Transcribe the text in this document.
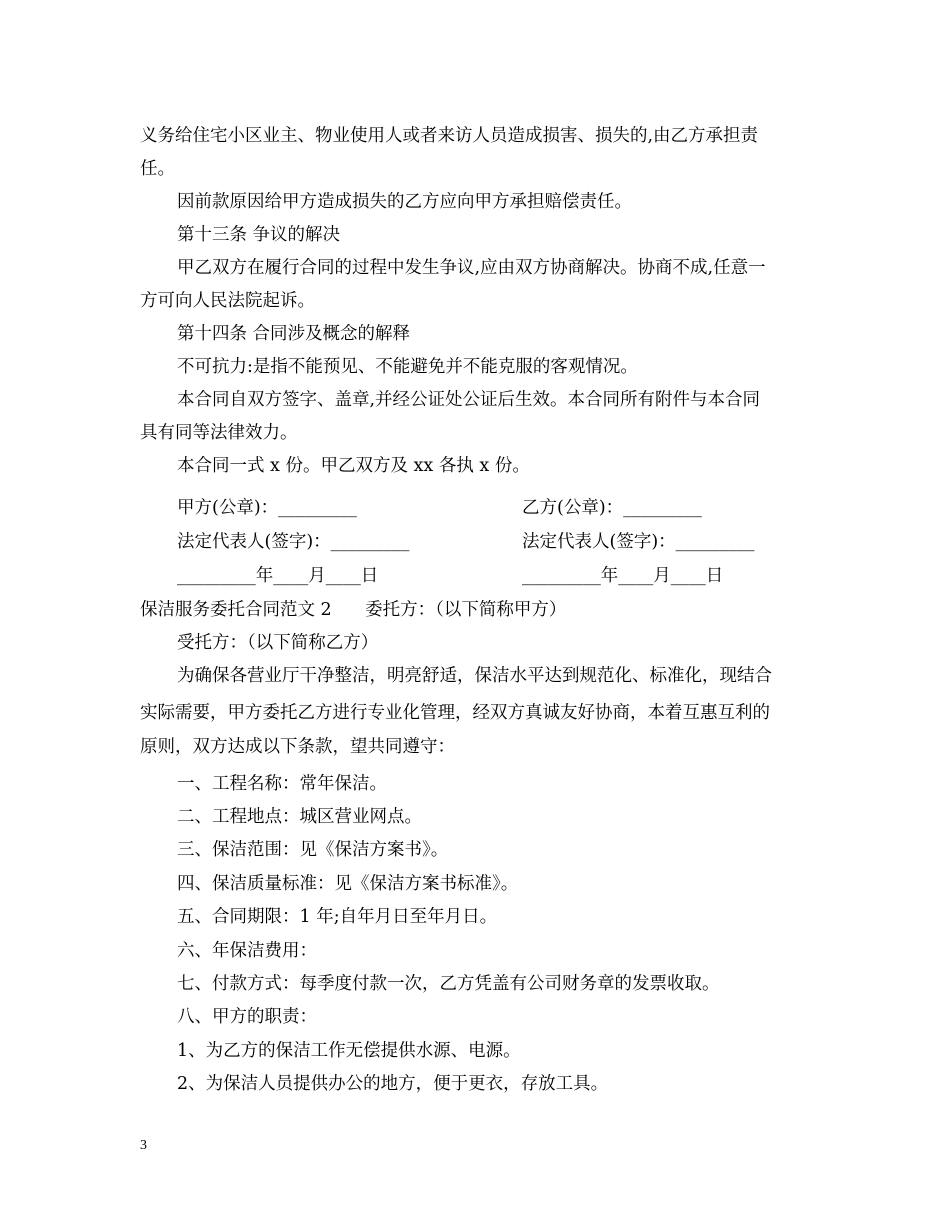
义务给住宅小区业主、物业使用人或者来访人员造成损害、损失的,由乙方承担责
任。
因前款原因给甲方造成损失的乙方应向甲方承担赔偿责任。
第十三条 争议的解决
甲乙双方在履行合同的过程中发生争议,应由双方协商解决。协商不成,任意一
方可向人民法院起诉。
第十四条 合同涉及概念的解释
不可抗力:是指不能预见、不能避免并不能克服的客观情况。
本合同自双方签字、盖章,并经公证处公证后生效。本合同所有附件与本合同
具有同等法律效力。
本合同一式 x 份。甲乙双方及 xx 各执 x 份。
甲方(公章)：_________	乙方(公章)：_________
法定代表人(签字)：_________	法定代表人(签字)：_________
_________年____月____日	_________年____月____日
保洁服务委托合同范文 2      委托方：（以下简称甲方）
受托方：（以下简称乙方）
为确保各营业厅干净整洁，明亮舒适，保洁水平达到规范化、标准化，现结合
实际需要，甲方委托乙方进行专业化管理，经双方真诚友好协商，本着互惠互利的
原则，双方达成以下条款，望共同遵守：
一、工程名称：常年保洁。
二、工程地点：城区营业网点。
三、保洁范围：见《保洁方案书》。
四、保洁质量标准：见《保洁方案书标准》。
五、合同期限：1 年;自年月日至年月日。
六、年保洁费用：
七、付款方式：每季度付款一次，乙方凭盖有公司财务章的发票收取。
八、甲方的职责：
1、为乙方的保洁工作无偿提供水源、电源。
2、为保洁人员提供办公的地方，便于更衣，存放工具。
3
